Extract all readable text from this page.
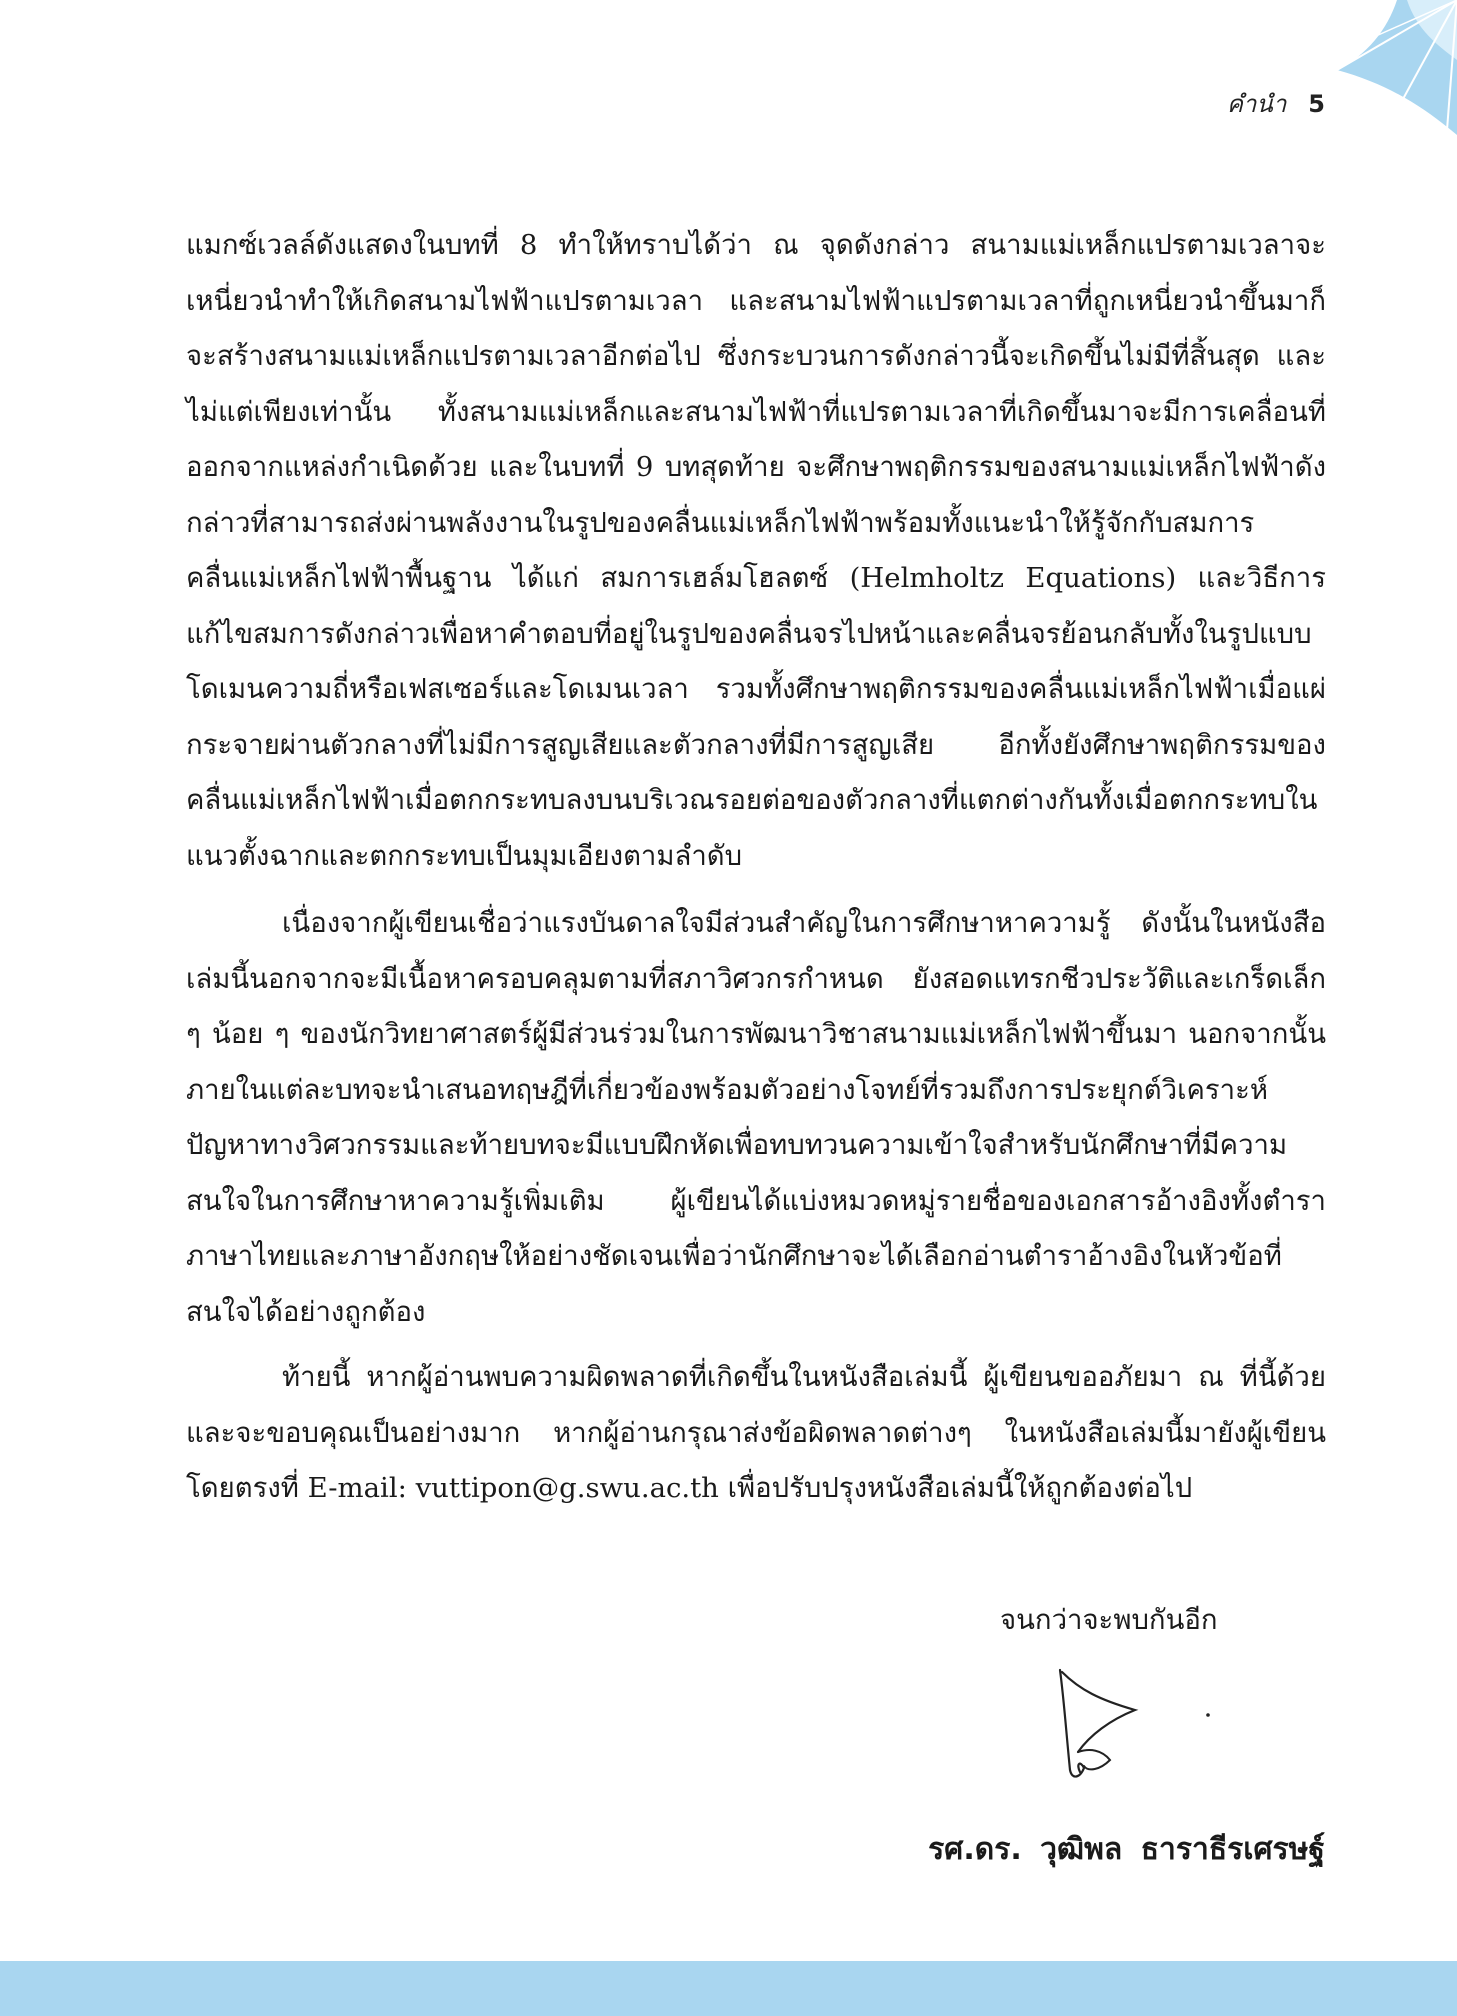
คำนำ 5

แมกซ์เวลล์ดังแสดงในบทที่ 8 ทำให้ทราบได้ว่า ณ จุดดังกล่าว สนามแม่เหล็กแปรตามเวลาจะเหนี่ยวนำทำให้เกิดสนามไฟฟ้าแปรตามเวลา และสนามไฟฟ้าแปรตามเวลาที่ถูกเหนี่ยวนำขึ้นมาก็จะสร้างสนามแม่เหล็กแปรตามเวลาอีกต่อไป ซึ่งกระบวนการดังกล่าวนี้จะเกิดขึ้นไม่มีที่สิ้นสุด และไม่แต่เพียงเท่านั้น ทั้งสนามแม่เหล็กและสนามไฟฟ้าที่แปรตามเวลาที่เกิดขึ้นมาจะมีการเคลื่อนที่ออกจากแหล่งกำเนิดด้วย และในบทที่ 9 บทสุดท้าย จะศึกษาพฤติกรรมของสนามแม่เหล็กไฟฟ้าดังกล่าวที่สามารถส่งผ่านพลังงานในรูปของคลื่นแม่เหล็กไฟฟ้าพร้อมทั้งแนะนำให้รู้จักกับสมการคลื่นแม่เหล็กไฟฟ้าพื้นฐาน ได้แก่ สมการเฮล์มโฮลตซ์ (Helmholtz Equations) และวิธีการแก้ไขสมการดังกล่าวเพื่อหาคำตอบที่อยู่ในรูปของคลื่นจรไปหน้าและคลื่นจรย้อนกลับทั้งในรูปแบบโดเมนความถี่หรือเฟสเซอร์และโดเมนเวลา รวมทั้งศึกษาพฤติกรรมของคลื่นแม่เหล็กไฟฟ้าเมื่อแผ่กระจายผ่านตัวกลางที่ไม่มีการสูญเสียและตัวกลางที่มีการสูญเสีย อีกทั้งยังศึกษาพฤติกรรมของคลื่นแม่เหล็กไฟฟ้าเมื่อตกกระทบลงบนบริเวณรอยต่อของตัวกลางที่แตกต่างกันทั้งเมื่อตกกระทบในแนวตั้งฉากและตกกระทบเป็นมุมเอียงตามลำดับ

เนื่องจากผู้เขียนเชื่อว่าแรงบันดาลใจมีส่วนสำคัญในการศึกษาหาความรู้ ดังนั้นในหนังสือเล่มนี้นอกจากจะมีเนื้อหาครอบคลุมตามที่สภาวิศวกรกำหนด ยังสอดแทรกชีวประวัติและเกร็ดเล็ก ๆ น้อย ๆ ของนักวิทยาศาสตร์ผู้มีส่วนร่วมในการพัฒนาวิชาสนามแม่เหล็กไฟฟ้าขึ้นมา นอกจากนั้นภายในแต่ละบทจะนำเสนอทฤษฎีที่เกี่ยวข้องพร้อมตัวอย่างโจทย์ที่รวมถึงการประยุกต์วิเคราะห์ปัญหาทางวิศวกรรมและท้ายบทจะมีแบบฝึกหัดเพื่อทบทวนความเข้าใจสำหรับนักศึกษาที่มีความสนใจในการศึกษาหาความรู้เพิ่มเติม ผู้เขียนได้แบ่งหมวดหมู่รายชื่อของเอกสารอ้างอิงทั้งตำราภาษาไทยและภาษาอังกฤษให้อย่างชัดเจนเพื่อว่านักศึกษาจะได้เลือกอ่านตำราอ้างอิงในหัวข้อที่สนใจได้อย่างถูกต้อง

ท้ายนี้ หากผู้อ่านพบความผิดพลาดที่เกิดขึ้นในหนังสือเล่มนี้ ผู้เขียนขออภัยมา ณ ที่นี้ด้วย และจะขอบคุณเป็นอย่างมาก หากผู้อ่านกรุณาส่งข้อผิดพลาดต่างๆ ในหนังสือเล่มนี้มายังผู้เขียนโดยตรงที่ E-mail: vuttipon@g.swu.ac.th เพื่อปรับปรุงหนังสือเล่มนี้ให้ถูกต้องต่อไป

จนกว่าจะพบกันอีก
รศ.ดร. วุฒิพล ธาราธีรเศรษฐ์
